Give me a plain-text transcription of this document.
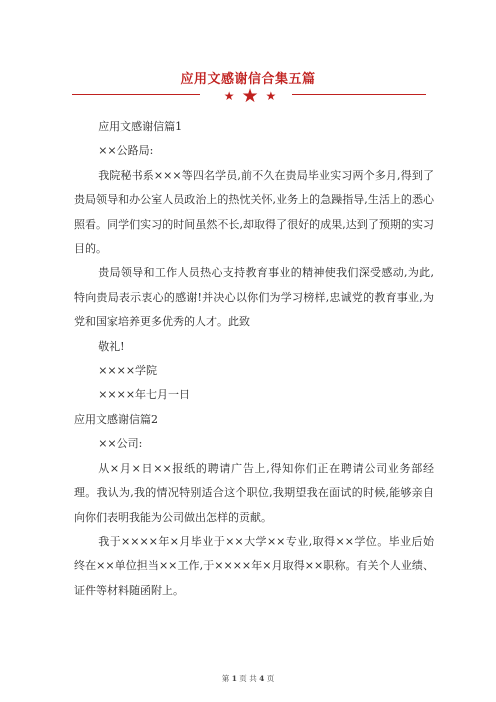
应用文感谢信合集五篇
★ ★ ★

应用文感谢信篇1

××公路局:

我院秘书系×××等四名学员,前不久在贵局毕业实习两个多月,得到了贵局领导和办公室人员政治上的热忱关怀,业务上的急躁指导,生活上的悉心照看。同学们实习的时间虽然不长,却取得了很好的成果,达到了预期的实习目的。

贵局领导和工作人员热心支持教育事业的精神使我们深受感动,为此,特向贵局表示衷心的感谢!并决心以你们为学习榜样,忠诚党的教育事业,为党和国家培养更多优秀的人才。此致

敬礼!

××××学院

××××年七月一日

应用文感谢信篇2

××公司:

从×月×日××报纸的聘请广告上,得知你们正在聘请公司业务部经理。我认为,我的情况特别适合这个职位,我期望我在面试的时候,能够亲自向你们表明我能为公司做出怎样的贡献。

我于××××年×月毕业于××大学××专业,取得××学位。毕业后始终在××单位担当××工作,于××××年×月取得××职称。有关个人业绩、证件等材料随函附上。

第 1 页 共 4 页
